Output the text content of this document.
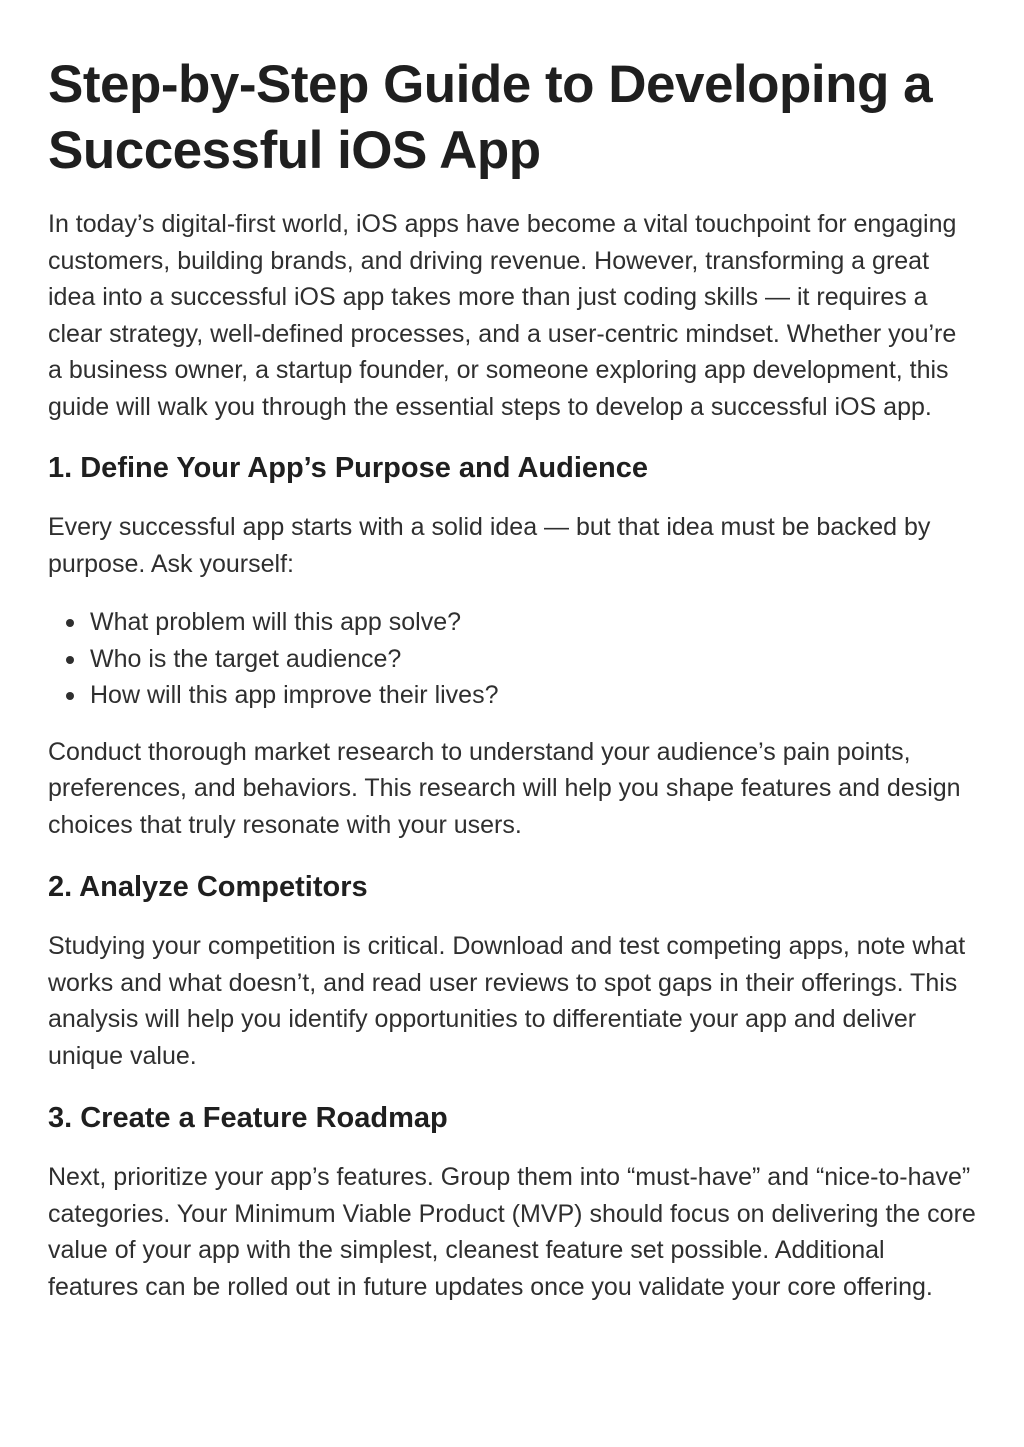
Step-by-Step Guide to Developing a Successful iOS App

In today’s digital-first world, iOS apps have become a vital touchpoint for engaging customers, building brands, and driving revenue. However, transforming a great idea into a successful iOS app takes more than just coding skills — it requires a clear strategy, well-defined processes, and a user-centric mindset. Whether you’re a business owner, a startup founder, or someone exploring app development, this guide will walk you through the essential steps to develop a successful iOS app.

1. Define Your App’s Purpose and Audience

Every successful app starts with a solid idea — but that idea must be backed by purpose. Ask yourself:

What problem will this app solve?
Who is the target audience?
How will this app improve their lives?

Conduct thorough market research to understand your audience’s pain points, preferences, and behaviors. This research will help you shape features and design choices that truly resonate with your users.

2. Analyze Competitors

Studying your competition is critical. Download and test competing apps, note what works and what doesn’t, and read user reviews to spot gaps in their offerings. This analysis will help you identify opportunities to differentiate your app and deliver unique value.

3. Create a Feature Roadmap

Next, prioritize your app’s features. Group them into “must-have” and “nice-to-have” categories. Your Minimum Viable Product (MVP) should focus on delivering the core value of your app with the simplest, cleanest feature set possible. Additional features can be rolled out in future updates once you validate your core offering.
